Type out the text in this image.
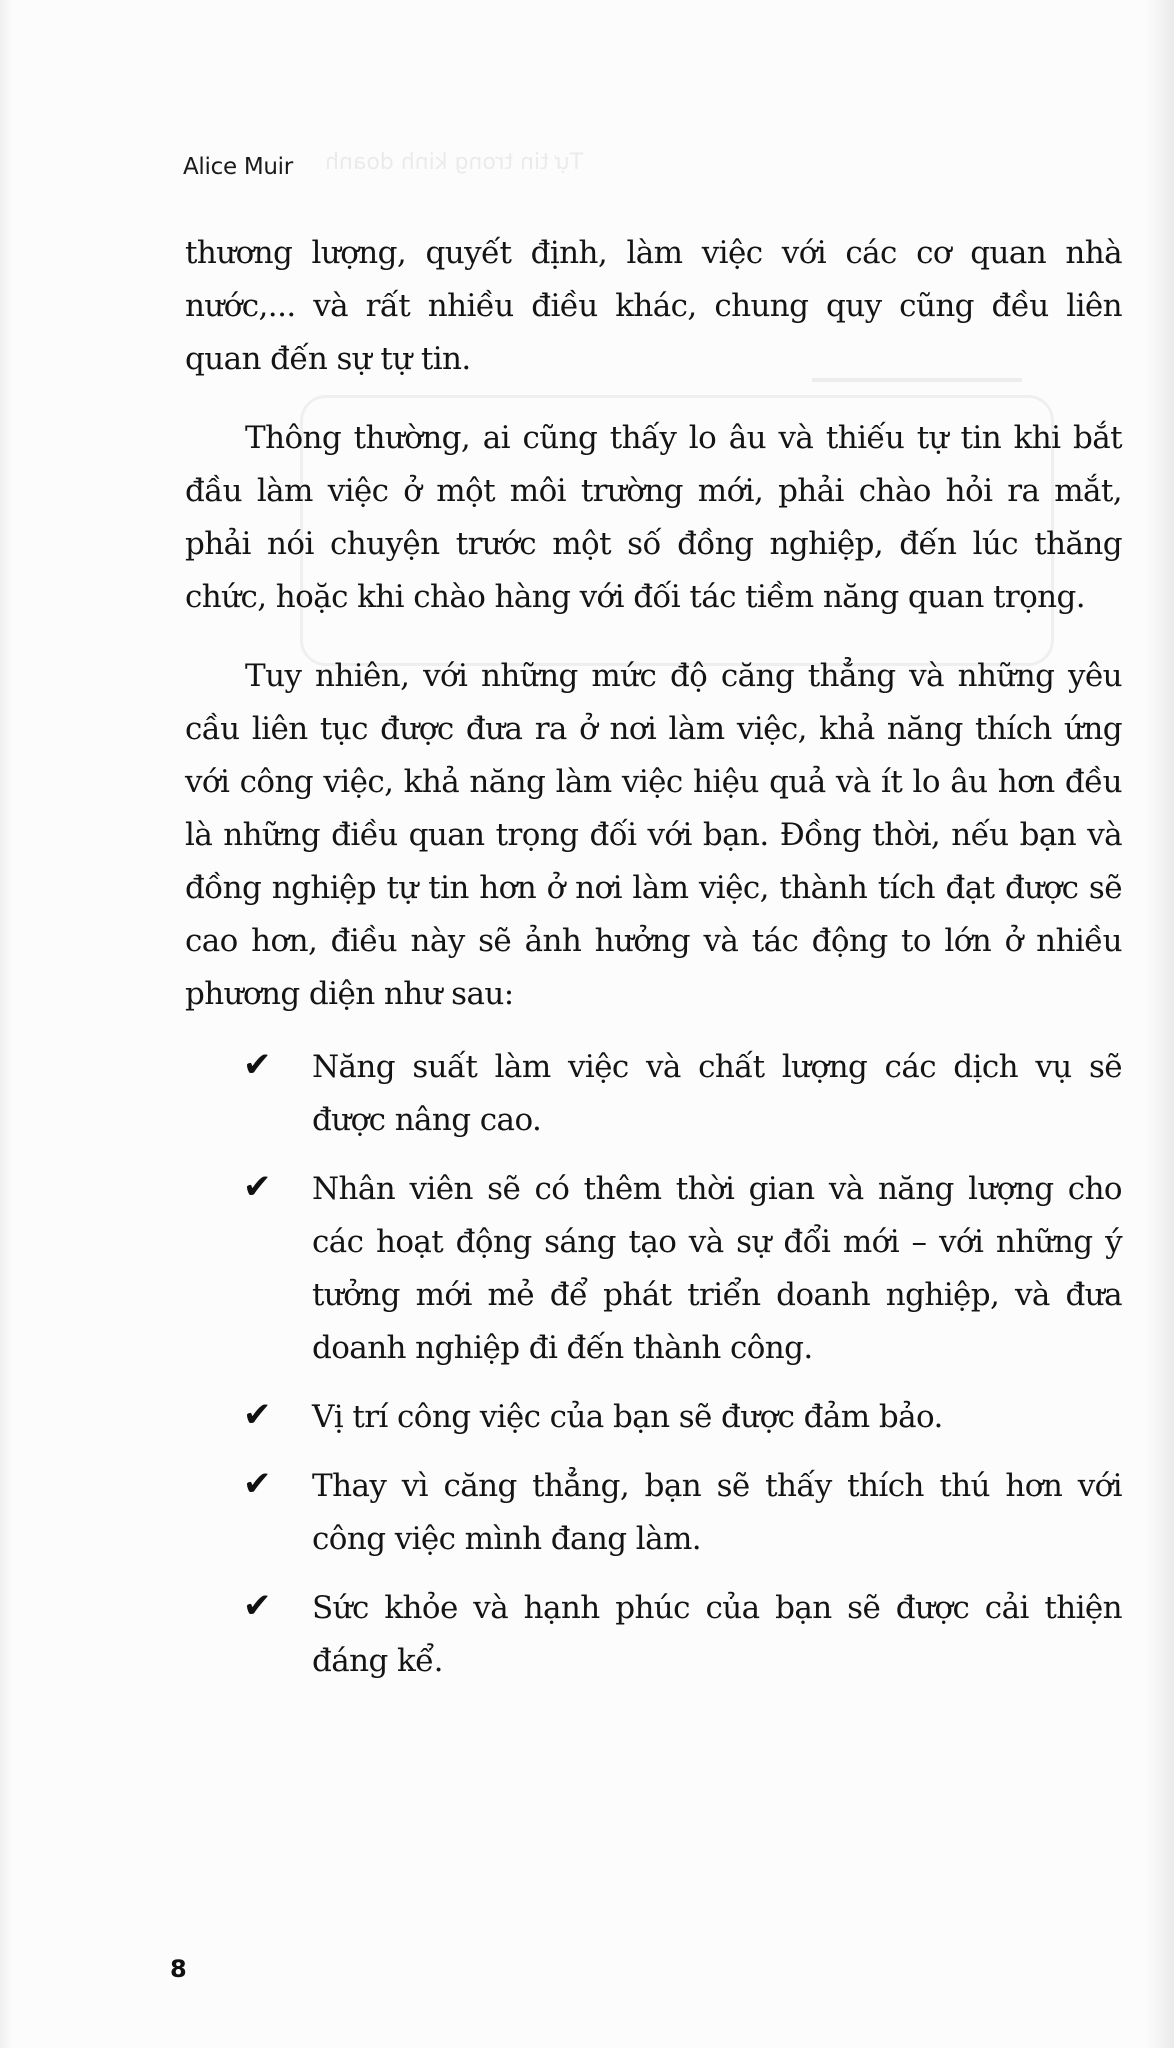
Tự tin trong kinh doanh
Alice Muir

thương lượng, quyết định, làm việc với các cơ quan nhà nước,... và rất nhiều điều khác, chung quy cũng đều liên quan đến sự tự tin.

Thông thường, ai cũng thấy lo âu và thiếu tự tin khi bắt đầu làm việc ở một môi trường mới, phải chào hỏi ra mắt, phải nói chuyện trước một số đồng nghiệp, đến lúc thăng chức, hoặc khi chào hàng với đối tác tiềm năng quan trọng.

Tuy nhiên, với những mức độ căng thẳng và những yêu cầu liên tục được đưa ra ở nơi làm việc, khả năng thích ứng với công việc, khả năng làm việc hiệu quả và ít lo âu hơn đều là những điều quan trọng đối với bạn. Đồng thời, nếu bạn và đồng nghiệp tự tin hơn ở nơi làm việc, thành tích đạt được sẽ cao hơn, điều này sẽ ảnh hưởng và tác động to lớn ở nhiều phương diện như sau:

✔ Năng suất làm việc và chất lượng các dịch vụ sẽ được nâng cao.
✔ Nhân viên sẽ có thêm thời gian và năng lượng cho các hoạt động sáng tạo và sự đổi mới – với những ý tưởng mới mẻ để phát triển doanh nghiệp, và đưa doanh nghiệp đi đến thành công.
✔ Vị trí công việc của bạn sẽ được đảm bảo.
✔ Thay vì căng thẳng, bạn sẽ thấy thích thú hơn với công việc mình đang làm.
✔ Sức khỏe và hạnh phúc của bạn sẽ được cải thiện đáng kể.
8
